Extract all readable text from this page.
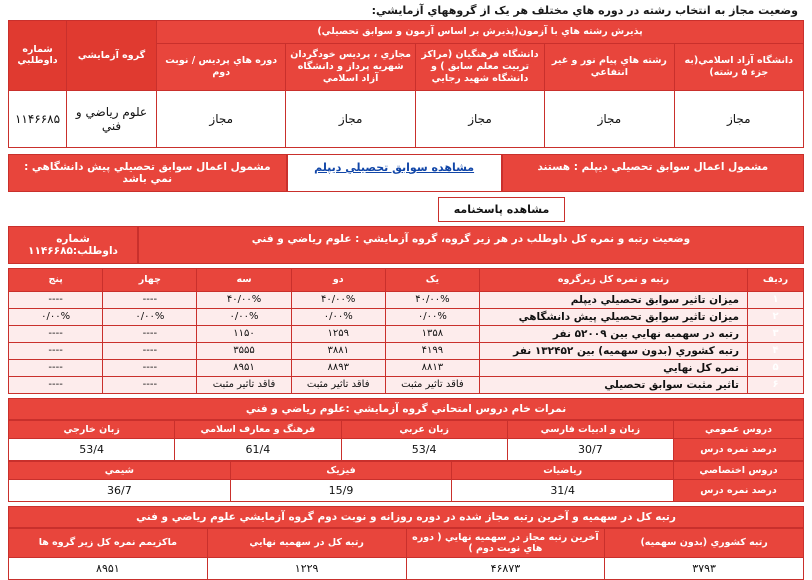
وضعيت مجاز به انتخاب رشته در دوره هاي مختلف هر يک از گروههاي آزمايشي:
پذيرش رشته هاي با آزمون(پذيرش بر اساس آزمون و سوابق تحصيلي)					گروه آزمايشي	شماره داوطلبي
دانشگاه آزاد اسلامي(به جزء ۵ رشته)	رشته هاي پيام نور و غير انتفاعي	دانشگاه فرهنگيان (مراکز تربيت معلم سابق ) و دانشگاه شهيد رجايي	مجازي ، پرديس خودگردان شهريه پرداز و دانشگاه آزاد اسلامي	دوره هاي پرديس / نوبت دوم		
مجاز	مجاز	مجاز	مجاز	مجاز	علوم رياضي و فني	۱۱۴۶۶۸۵
مشمول اعمال سوابق تحصيلي ديپلم : هستند
مشاهده سوابق تحصيلي ديپلم
مشمول اعمال سوابق تحصيلي پيش دانشگاهي : نمي باشد
مشاهده پاسخنامه
وضعيت رتبه و نمره کل داوطلب در هر زير گروه، گروه آزمايشي : علوم رياضي و فني
شماره داوطلب:۱۱۴۶۶۸۵
رديف	رتبه و نمره کل زيرگروه	يک	دو	سه	چهار	پنج
۱	ميزان تاثير سوابق تحصيلي ديپلم	۴۰/۰۰%	۴۰/۰۰%	۴۰/۰۰%	----	----
۲	ميزان تاثير سوابق تحصيلي پيش دانشگاهي	۰/۰۰%	۰/۰۰%	۰/۰۰%	۰/۰۰%	۰/۰۰%
۳	رتبه در سهميه نهايي بين ۵۲۰۰۹ نفر	۱۳۵۸	۱۲۵۹	۱۱۵۰	----	----
۴	رتبه کشوري (بدون سهميه) بين ۱۳۲۴۵۲ نفر	۴۱۹۹	۳۸۸۱	۳۵۵۵	----	----
۵	نمره کل نهايي	۸۸۱۳	۸۸۹۳	۸۹۵۱	----	----
۶	تاثير مثبت سوابق تحصيلي	فاقد تاثير مثبت	فاقد تاثير مثبت	فاقد تاثير مثبت	----	----
نمرات خام دروس امتحاني گروه آزمايشي :علوم رياضي و فني
دروس عمومي	زبان و ادبيات فارسي	زبان عربي	فرهنگ و معارف اسلامي	زبان خارجي
درصد نمره درس	30/7	53/4	61/4	53/4
دروس اختصاصي	رياضيات	فيزيک	شيمي
درصد نمره درس	31/4	15/9	36/7
رتبه کل در سهميه و آخرين رتبه مجاز شده در دوره روزانه و نوبت دوم گروه آزمايشي علوم رياضي و فني
رتبه کشوري (بدون سهميه)	آخرين رتبه مجاز در سهميه نهايي ( دوره هاي نوبت دوم )	رتبه کل در سهميه نهايي	ماکزيمم نمره کل زير گروه ها
۳۷۹۳	۴۶۸۷۳	۱۲۲۹	۸۹۵۱
